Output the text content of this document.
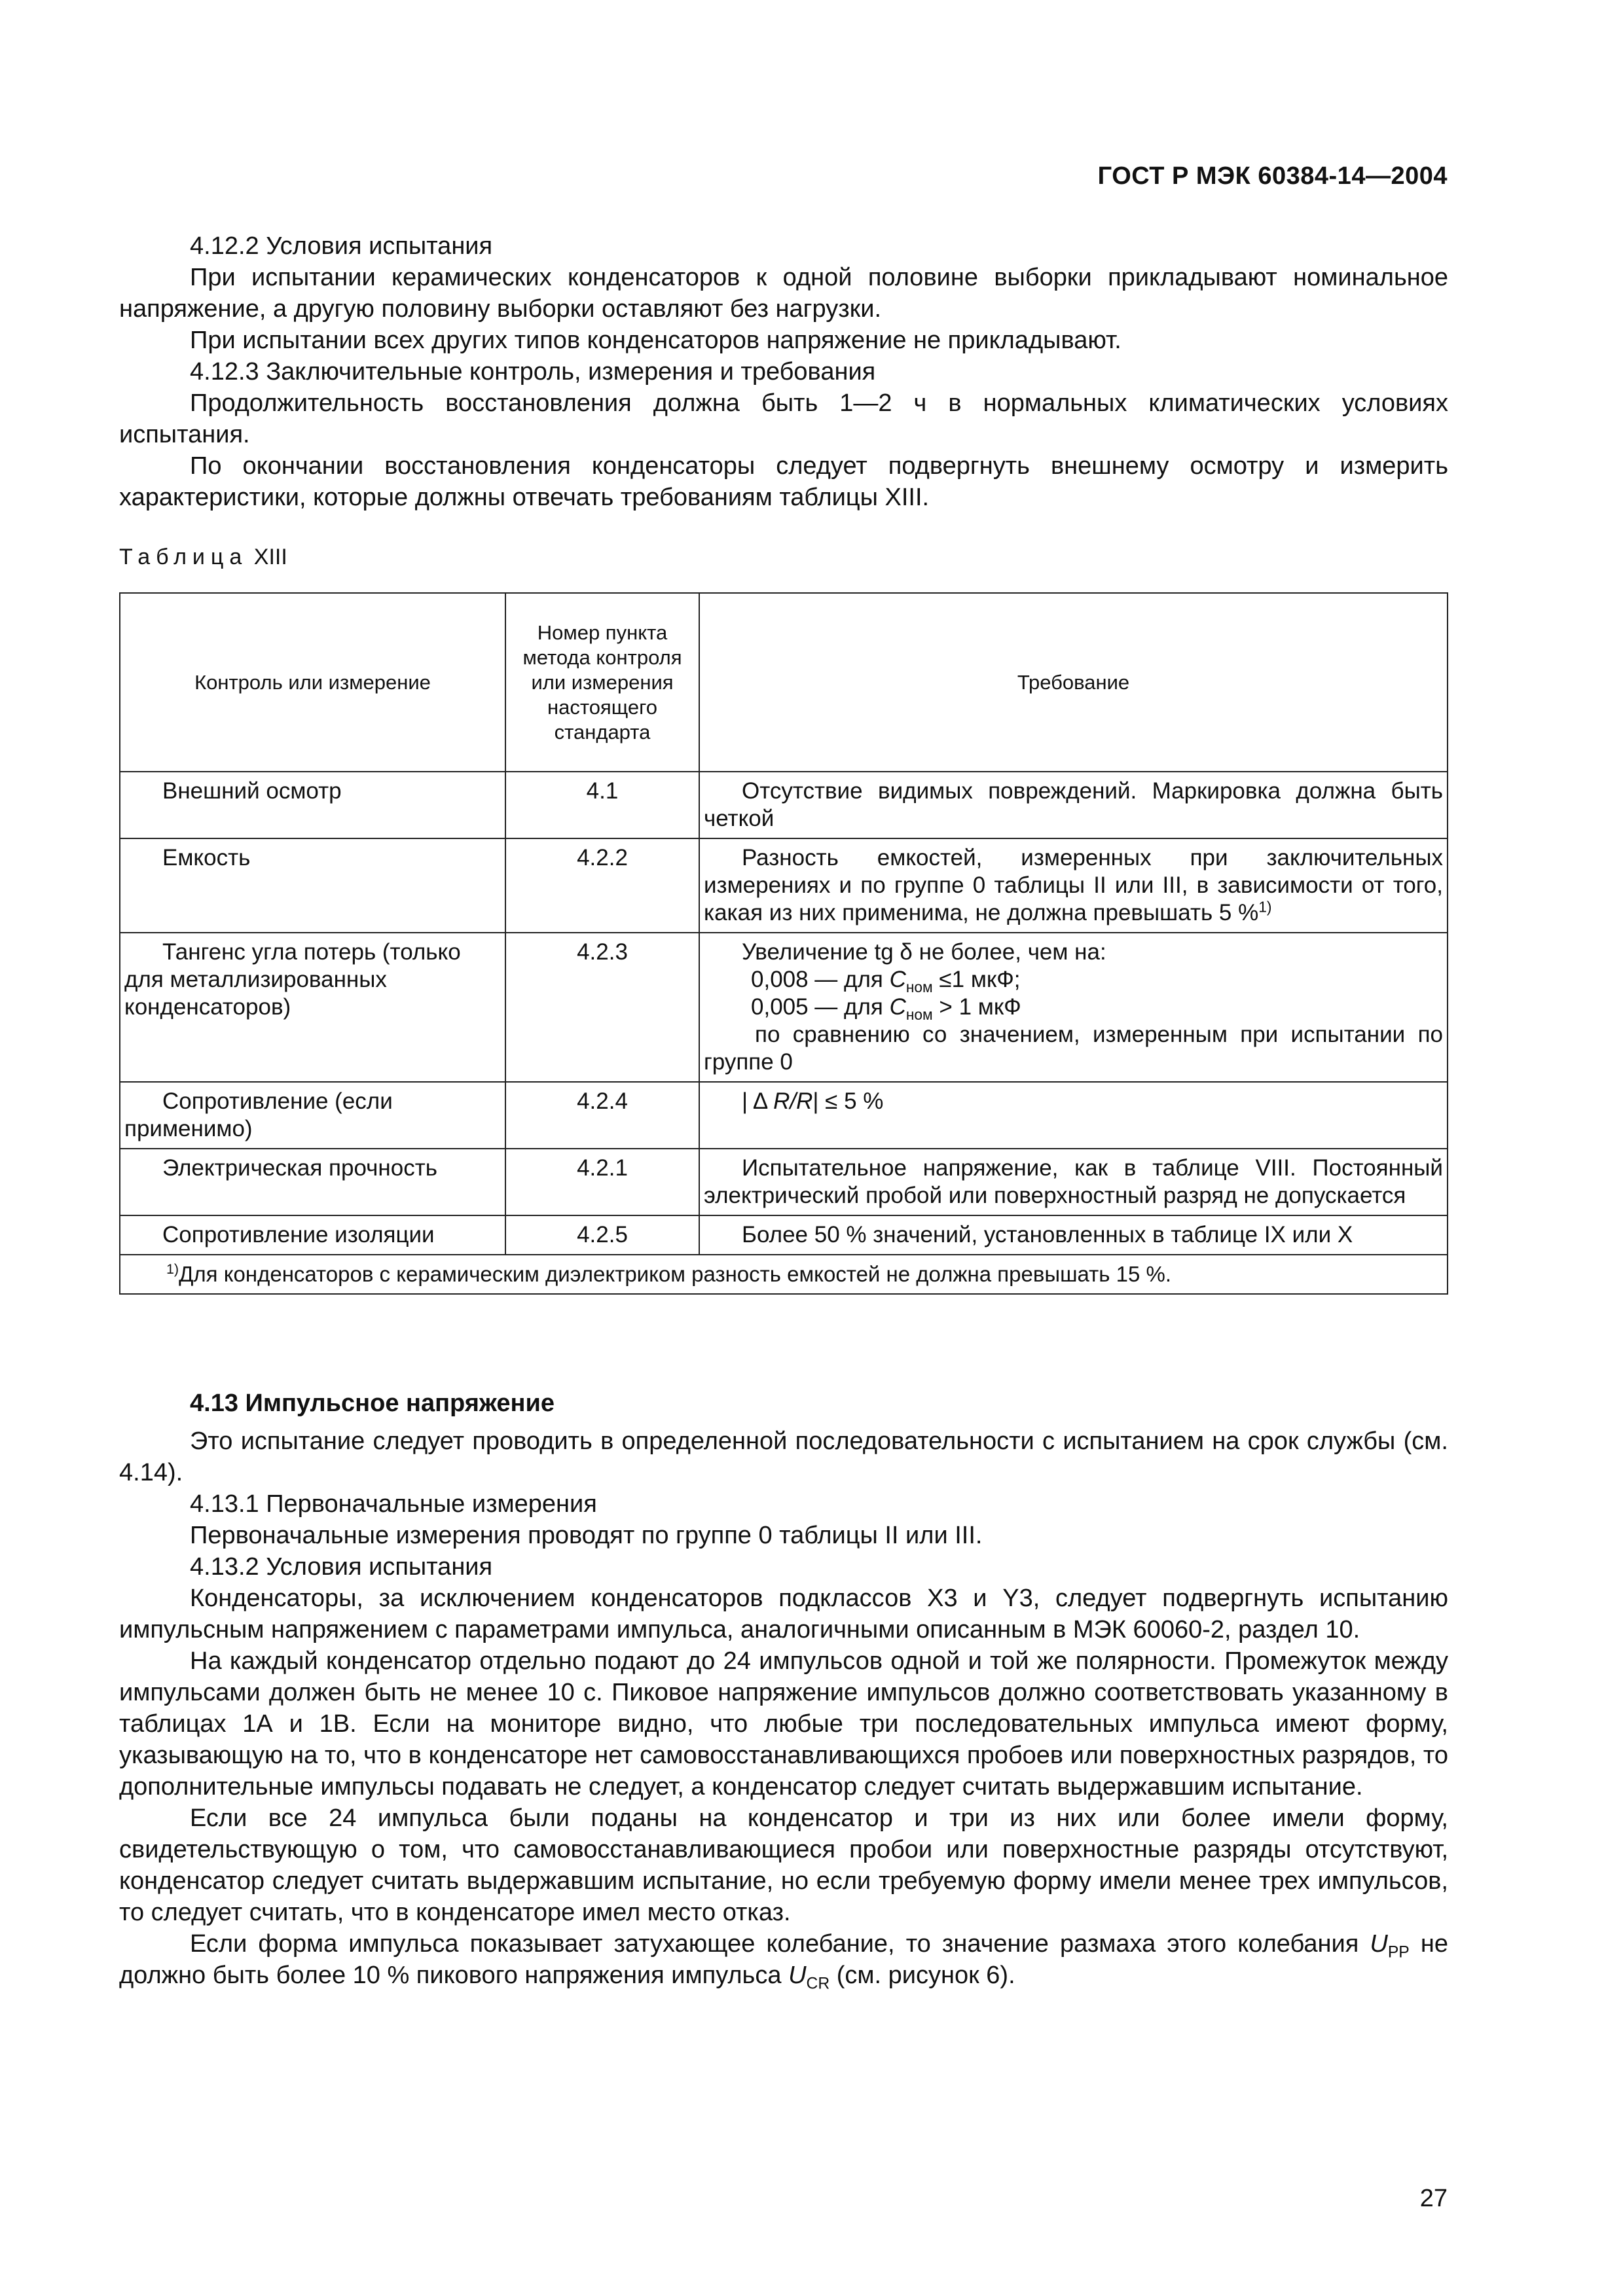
ГОСТ Р МЭК 60384-14—2004

4.12.2 Условия испытания

При испытании керамических конденсаторов к одной половине выборки прикладывают номинальное напряжение, а другую половину выборки оставляют без нагрузки.

При испытании всех других типов конденсаторов напряжение не прикладывают.

4.12.3 Заключительные контроль, измерения и требования

Продолжительность восстановления должна быть 1—2 ч в нормальных климатических условиях испытания.

По окончании восстановления конденсаторы следует подвергнуть внешнему осмотру и измерить характеристики, которые должны отвечать требованиям таблицы XIII.

Таблица XIII
Контроль или измерение	Номер пункта метода контроля или измерения настоящего стандарта	Требование

Внешний осмотр	4.1	Отсутствие видимых повреждений. Маркировка должна быть четкой

Емкость	4.2.2	Разность емкостей, измеренных при заключительных измерениях и по группе 0 таблицы II или III, в зависимости от того, какая из них применима, не должна превышать 5 %$^{1)}$

Тангенс угла потерь (только для металлизированных конденсаторов)	4.2.3	Увеличение tg δ не более, чем на:
0,008 — для $C_{ном} \le 1$ мкФ;
0,005 — для $C_{ном} > 1$ мкФ
по сравнению со значением, измеренным при испытании по группе 0

Сопротивление (если применимо)	4.2.4	| Δ R/R| ≤ 5 %

Электрическая прочность	4.2.1	Испытательное напряжение, как в таблице VIII. Постоянный электрический пробой или поверхностный разряд не допускается

Сопротивление изоляции	4.2.5	Более 50 % значений, установленных в таблице IX или X

$^{1)}$Для конденсаторов с керамическим диэлектриком разность емкостей не должна превышать 15 %.		

4.13 Импульсное напряжение

Это испытание следует проводить в определенной последовательности с испытанием на срок службы (см. 4.14).

4.13.1 Первоначальные измерения

Первоначальные измерения проводят по группе 0 таблицы II или III.

4.13.2 Условия испытания

Конденсаторы, за исключением конденсаторов подклассов X3 и Y3, следует подвергнуть испытанию импульсным напряжением с параметрами импульса, аналогичными описанным в МЭК 60060-2, раздел 10.

На каждый конденсатор отдельно подают до 24 импульсов одной и той же полярности. Промежуток между импульсами должен быть не менее 10 с. Пиковое напряжение импульсов должно соответствовать указанному в таблицах 1А и 1В. Если на мониторе видно, что любые три последовательных импульса имеют форму, указывающую на то, что в конденсаторе нет самовосстанавливающихся пробоев или поверхностных разрядов, то дополнительные импульсы подавать не следует, а конденсатор следует считать выдержавшим испытание.

Если все 24 импульса были поданы на конденсатор и три из них или более имели форму, свидетельствующую о том, что самовосстанавливающиеся пробои или поверхностные разряды отсутствуют, конденсатор следует считать выдержавшим испытание, но если требуемую форму имели менее трех импульсов, то следует считать, что в конденсаторе имел место отказ.

Если форма импульса показывает затухающее колебание, то значение размаха этого колебания $U_{PP}$ не должно быть более 10 % пикового напряжения импульса $U_{CR}$ (см. рисунок 6).

27
